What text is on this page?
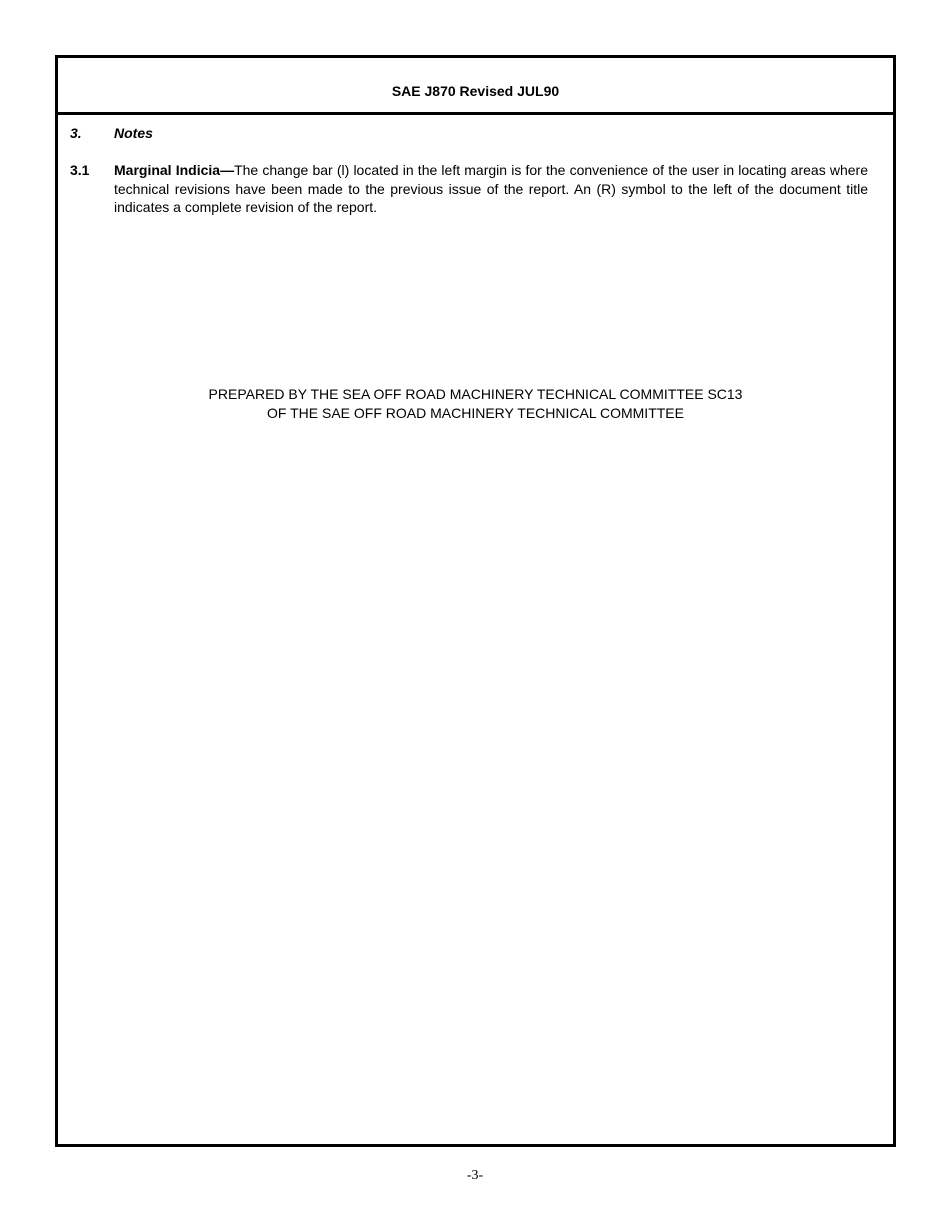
SAE J870 Revised JUL90
3. Notes
3.1 Marginal Indicia—The change bar (l) located in the left margin is for the convenience of the user in locating areas where technical revisions have been made to the previous issue of the report. An (R) symbol to the left of the document title indicates a complete revision of the report.
PREPARED BY THE SEA OFF ROAD MACHINERY TECHNICAL COMMITTEE SC13
OF THE SAE OFF ROAD MACHINERY TECHNICAL COMMITTEE
-3-
